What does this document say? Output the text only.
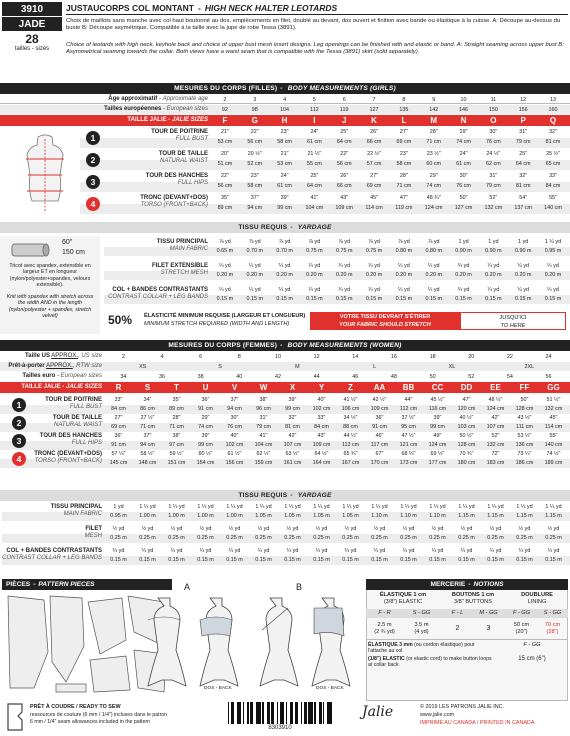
3910
JADE
28
tailles - sizes
JUSTAUCORPS COL MONTANT - HIGH NECK HALTER LEOTARDS
Choix de maillots sans manche avec col haut boutonné au dos, empiècements en filet, doublé au devant, dos ouvert et finition avec bande ou élastique à la cuisse. A: Découpe au-dessus du buste B: Découpe asymétrique. Compatible à la taille avec la jupe de robe Tessa (3891).
Choice of leotards with high neck, keyhole back and choice of upper bust mesh insert designs. Leg openings can be finished with and elastic or band. A: Straight seaming across upper bust B: Asymmetrical seaming towards the collar. Both views have a waist seam that is compatible with the Tessa (3891) skirt (sold separately).
MESURES DU CORPS (FILLES) - BODY MEASUREMENTS (GIRLS)
Âge approximatif - Approximate age	2	3	4	5	6	7	8	9	10	11	12	13
Tailles européennes - European sizes	92	98	104	112	119	127	135	142	146	150	156	160
TAILLE JALIE - JALIE SIZES	F	G	H	I	J	K	L	M	N	O	P	Q
1
TOUR DE POITRINE
FULL BUST
21"	22"	23"	24"	25"	26"	27"	28"	29"	30"	31"	32"
53 cm	56 cm	58 cm	61 cm	64 cm	66 cm	69 cm	71 cm	74 cm	76 cm	79 cm	81 cm
2
TOUR DE TAILLE
NATURAL WAIST
20"	20 ½"	21"	21 ½"	22"	22 ½"	23"	23 ½"	24"	24 ½"	25"	25 ½"
51 cm	52 cm	53 cm	55 cm	56 cm	57 cm	58 cm	60 cm	61 cm	62 cm	64 cm	65 cm
3
TOUR DES HANCHES
FULL HIPS
22"	23"	24"	25"	26"	27"	28"	29"	30"	31"	32"	33"
56 cm	58 cm	61 cm	64 cm	66 cm	69 cm	71 cm	74 cm	76 cm	79 cm	81 cm	84 cm
4
TRONC (DEVANT+DOS)
TORSO (FRONT+BACK)
35"	37"	39"	41"	43"	45"	47"	48 ¾"	50"	52"	54"	55"
89 cm	94 cm	99 cm	104 cm	109 cm	114 cm	119 cm	124 cm	127 cm	132 cm	137 cm	140 cm
TISSU REQUIS - YARDAGE
60"
150 cm
Tricot avec spandex, extensible en largeur ET en longueur (nylon/polyester+spandex, velours extensible).
Knit with spandex with stretch across the width AND in the length (nylon/polyester + spandex, stretch velvet)
TISSU PRINCIPAL
MAIN FABRIC
⅞ yd	⅞ yd	⅞ yd	⅞ yd	⅞ yd	⅞ yd	⅞ yd	⅞ yd	1 yd	1 yd	1 yd	1 ¼ yd
0.65 m	0.70 m	0.70 m	0.75 m	0.75 m	0.75 m	0.80 m	0.80 m	0.90 m	0.90 m	0.90 m	0.95 m
FILET EXTENSIBLE
STRETCH MESH
¼ yd	¼ yd	¼ yd	¼ yd	¼ yd	¼ yd	¼ yd	¼ yd	¼ yd	¼ yd	¼ yd	¼ yd
0.20 m	0.20 m	0.20 m	0.20 m	0.20 m	0.20 m	0.20 m	0.20 m	0.20 m	0.20 m	0.20 m	0.20 m
COL + BANDES CONTRASTANTS
CONTRAST COLLAR + LEG BANDS
¼ yd	¼ yd	¼ yd	¼ yd	¼ yd	¼ yd	¼ yd	¼ yd	¼ yd	¼ yd	¼ yd	¼ yd
0.15 m	0.15 m	0.15 m	0.15 m	0.15 m	0.15 m	0.15 m	0.15 m	0.15 m	0.15 m	0.15 m	0.15 m
50% ÉLASTICITÉ MINIMUM REQUISE (LARGEUR ET LONGUEUR)
MINIMUM STRETCH REQUIRED (WIDTH AND LENGTH)
VOTRE TISSU DEVRAIT S'ÉTIRER
YOUR FABRIC SHOULD STRETCH
JUSQU'ICI
TO HERE
MESURES DU CORPS (FEMMES) - BODY MEASUREMENTS (WOMEN)
Taille US APPROX., US size	2	4	6	8	10	12	14	16	18	20	22	24
Prêt-à-porter APPROX., RTW size	XS	S	M	L	XL	2XL
Tailles euro - European sizes	34	36	38	40	42	44	46	48	50	52	54	56
TAILLE JALIE - JALIE SIZES	R	S	T	U	V	W	X	Y	Z	AA	BB	CC	DD	EE	FF	GG
1	TOUR DE POITRINE
FULL BUST
33"	34"	35"	36"	37"	38"	39"	40"	41 ½"	42 ½"	44"	45 ½"	47"	48 ½"	50"	51 ½"
84 cm	86 cm	89 cm	91 cm	94 cm	96 cm	99 cm	102 cm	106 cm	109 cm	112 cm	116 cm	120 cm	124 cm	128 cm	132 cm
2	TOUR DE TAILLE
NATURAL WAIST
27"	27 ½"	28"	29"	30"	31"	32"	33"	34 ½"	36"	37 ½"	39"	40 ½"	42"	43 ½"	45"
69 cm	71 cm	71 cm	74 cm	76 cm	79 cm	81 cm	84 cm	88 cm	91 cm	95 cm	99 cm	103 cm	107 cm	111 cm	114 cm
3	TOUR DES HANCHES
FULL HIPS
36"	37"	38"	39"	40"	41"	42"	43"	44 ½"	46"	47 ½"	49"	50 ½"	52"	53 ½"	55"
91 cm	94 cm	97 cm	99 cm	102 cm	104 cm	107 cm	109 cm	113 cm	117 cm	121 cm	124 cm	128 cm	132 cm	136 cm	140 cm
4	TRONC (DEVANT+DOS)
TORSO (FRONT+BACK)
57 ¼"	58 ½"	59 ½"	60 ½"	61 ½"	62 ½"	63 ½"	64 ½"	65 ¾"	67"	68 ¼"	69 ½"	70 ¾"	72"	73 ¼"	74 ½"
145 cm	148 cm	151 cm	154 cm	156 cm	159 cm	161 cm	164 cm	167 cm	170 cm	173 cm	177 cm	180 cm	183 cm	186 cm	189 cm
TISSU REQUIS - YARDAGE
TISSU PRINCIPAL
MAIN FABRIC
1 yd	1 ¼ yd	1 ¼ yd	1 ¼ yd	1 ¼ yd	1 ¼ yd	1 ¼ yd	1 ¼ yd	1 ¼ yd	1 ¼ yd	1 ¼ yd	1 ¼ yd	1 ¼ yd	1 ¼ yd	1 ¼ yd	1 ¼ yd
0.95 m	1.00 m	1.00 m	1.00 m	1.00 m	1.05 m	1.05 m	1.05 m	1.05 m	1.10 m	1.10 m	1.10 m	1.15 m	1.15 m	1.15 m	1.15 m
FILET
MESH
½ yd	½ yd	½ yd	½ yd	½ yd	½ yd	½ yd	½ yd	½ yd	½ yd	½ yd	½ yd	½ yd	½ yd	½ yd	½ yd
0.25 m	0.25 m	0.25 m	0.25 m	0.25 m	0.25 m	0.25 m	0.25 m	0.25 m	0.25 m	0.25 m	0.25 m	0.25 m	0.25 m	0.25 m	0.25 m
COL + BANDES CONTRASTANTS
CONTRAST COLLAR + LEG BANDS
¼ yd	¼ yd	¼ yd	¼ yd	¼ yd	¼ yd	¼ yd	¼ yd	¼ yd	¼ yd	¼ yd	¼ yd	¼ yd	¼ yd	¼ yd	¼ yd
0.15 m	0.15 m	0.15 m	0.15 m	0.15 m	0.15 m	0.15 m	0.15 m	0.15 m	0.15 m	0.15 m	0.15 m	0.15 m	0.15 m	0.15 m	0.15 m
PIÈCES - PATTERN PIECES	A	B
DOS - BACK	DOS - BACK
MERCERIE - NOTIONS
ÉLASTIQUE 1 cm
(3/8") ELASTIC
BOUTONS 1 cm
3/8" BUTTONS
DOUBLURE
LINING
F - R	S - GG	F - L	M - GG	F - GG	S - GG
2.5 m
(2 ¾ yd)
3.5 m
(4 yd)	2	3	50 cm
(20")
70 cm
(28")
ÉLASTIQUE 3 mm (ou cordon élastique) pour l'attache au col
(1/8") ELASTIC (or elastic cord) to make button loops at collar back
F - GG
15 cm (6")
PRÊT À COUDRE / READY TO SEW
ressources de couture (6 mm / 1/4") incluses dans le patron
6 mm / 1/4" seam allowances included in the pattern
8303910
Jalie	© 2019 LES PATRONS JALIE INC.
www.jalie.com
IMPRIMÉ AU CANADA / PRINTED IN CANADA
